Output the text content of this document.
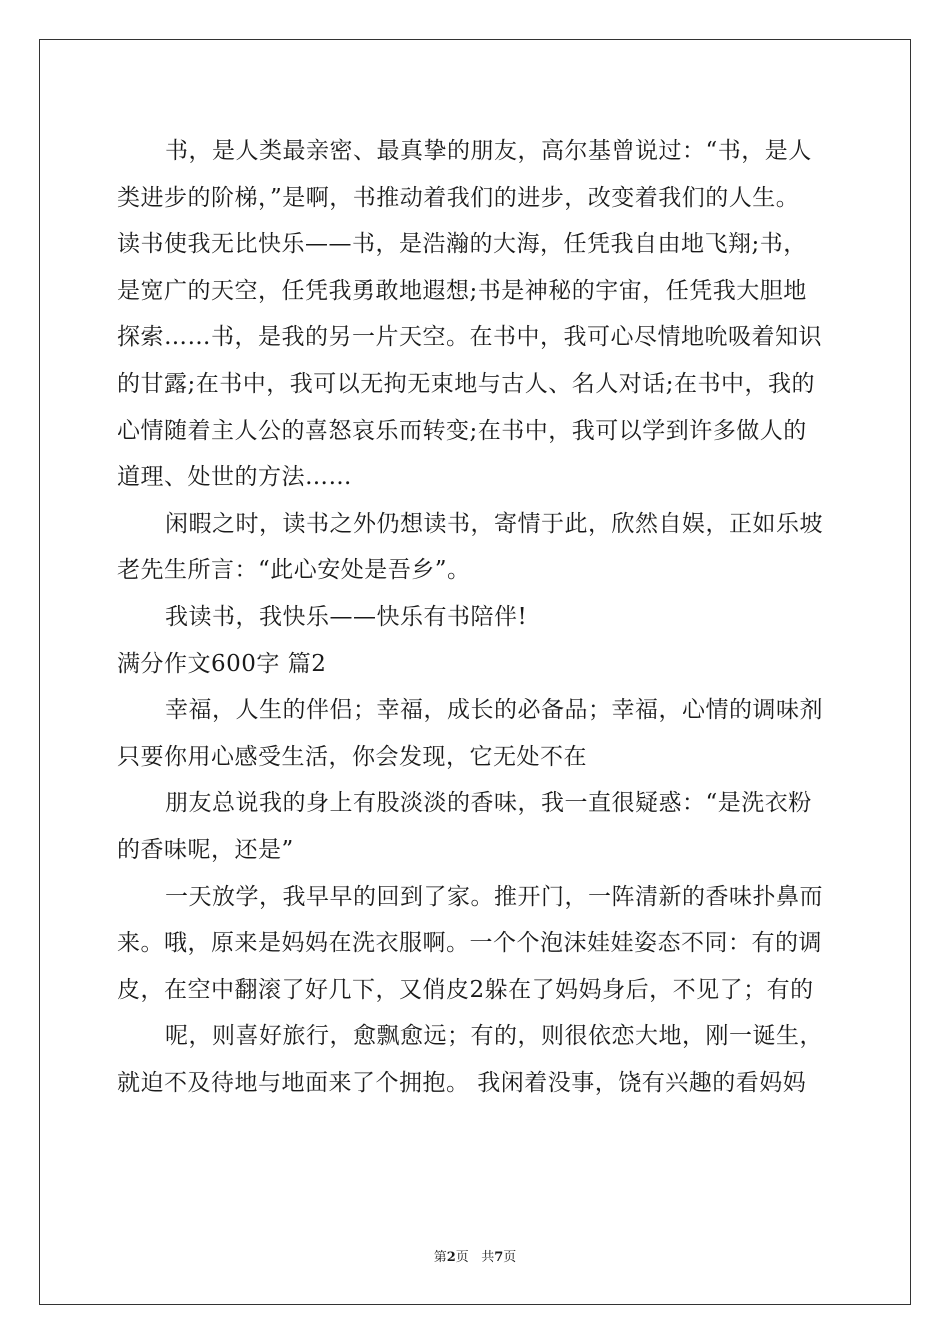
书，是人类最亲密、最真挚的朋友，高尔基曾说过：“书，是人
类进步的阶梯，”是啊，书推动着我们的进步，改变着我们的人生。
读书使我无比快乐——书，是浩瀚的大海，任凭我自由地飞翔;书，
是宽广的天空，任凭我勇敢地遐想;书是神秘的宇宙，任凭我大胆地
探索……书，是我的另一片天空。在书中，我可心尽情地吮吸着知识
的甘露;在书中，我可以无拘无束地与古人、名人对话;在书中，我的
心情随着主人公的喜怒哀乐而转变;在书中，我可以学到许多做人的
道理、处世的方法……
闲暇之时，读书之外仍想读书，寄情于此，欣然自娱，正如乐坡
老先生所言：“此心安处是吾乡”。
我读书，我快乐——快乐有书陪伴!
满分作文600字 篇2
幸福，人生的伴侣；幸福，成长的必备品；幸福，心情的调味剂
只要你用心感受生活，你会发现，它无处不在
朋友总说我的身上有股淡淡的香味，我一直很疑惑：“是洗衣粉
的香味呢，还是”
一天放学，我早早的回到了家。推开门，一阵清新的香味扑鼻而
来。哦，原来是妈妈在洗衣服啊。一个个泡沫娃娃姿态不同：有的调
皮，在空中翻滚了好几下，又俏皮2躲在了妈妈身后，不见了；有的
呢，则喜好旅行，愈飘愈远；有的，则很依恋大地，刚一诞生，
就迫不及待地与地面来了个拥抱。 我闲着没事，饶有兴趣的看妈妈
第2页 共7页
